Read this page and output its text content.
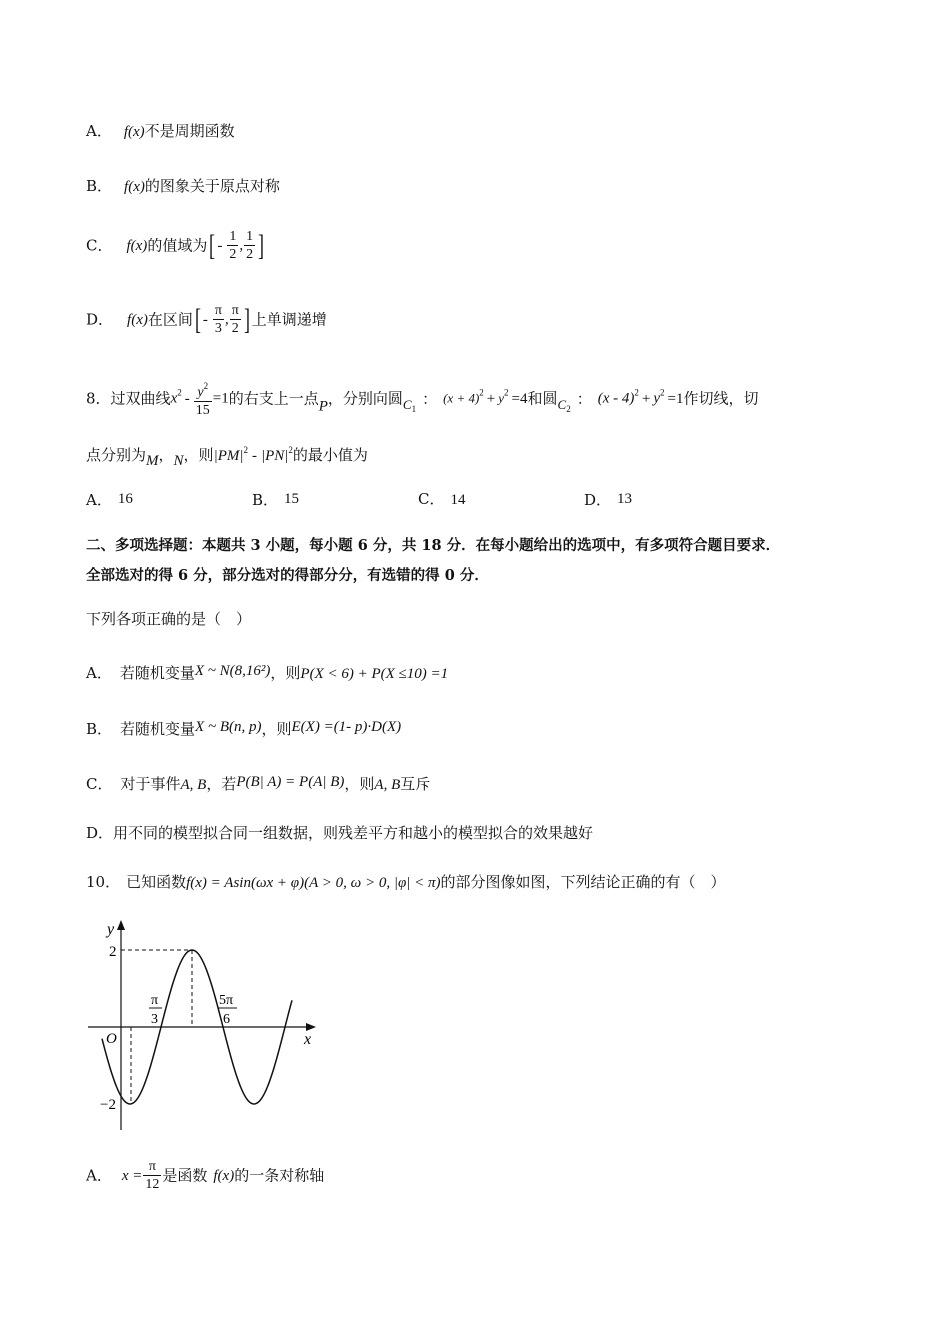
A． f(x)不是周期函数
B． f(x)的图象关于原点对称
C． f(x)的值域为[ - $\frac{1}{2}$ , $\frac{1}{2}$ ]
D． f(x)在区间[ - $\frac{\pi}{3}$ , $\frac{\pi}{2}$ ] 上单调递增
8．过双曲线$x^2 - \frac{y^2}{15} =1$的右支上一点P，分别向圆$C_1$： $(x + 4)^2 + y^2 =4$和圆$C_2$： $(x - 4)^2 + y^2 =1$作切线，切
点分别为M，N，则$|PM|^2 - |PN|^2$的最小值为
A． 16	B． 15	C． 14	D． 13
二、多项选择题：本题共 3 小题，每小题 6 分，共 18 分．在每小题给出的选项中，有多项符合题目要求．
全部选对的得 6 分，部分选对的得部分分，有选错的得 0 分．
下列各项正确的是（　）
A． 若随机变量X ~ N(8,16²)，则P(X < 6) + P(X ≤10) =1
B． 若随机变量X ~ B(n, p)，则E(X) =(1- p)·D(X)
C． 对于事件A, B，若P(B| A) = P(A| B)，则A, B互斥
D．用不同的模型拟合同一组数据，则残差平方和越小的模型拟合的效果越好
10． 已知函数f(x) = Asin(ωx + φ)(A > 0, ω > 0, |φ| < π)的部分图像如图，下列结论正确的有（　）
y
x
O
2
−2
π
3
5π
6
A． $x = \frac{\pi}{12}$ 是函数 f(x)的一条对称轴
